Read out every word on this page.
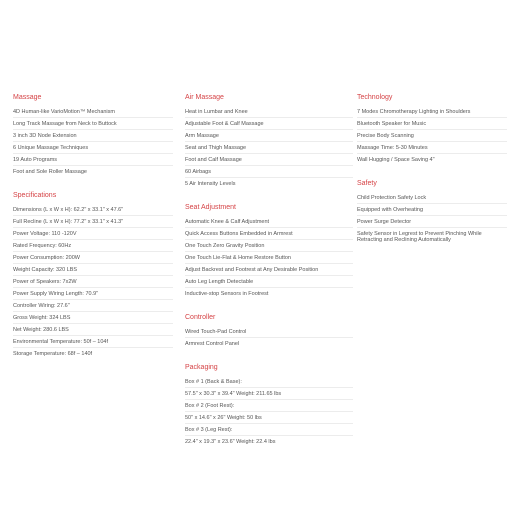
Massage
4D Human-like VarioMotion™ Mechanism
Long Track Massage from Neck to Buttock
3 inch 3D Node Extension
6 Unique Massage Techniques
19 Auto Programs
Foot and Sole Roller Massage
Specifications
Dimensions (L x W x H): 62.2" x 33.1" x 47.6"
Full Recline (L x W x H): 77.2" x 33.1" x 41.3"
Power Voltage: 110 -120V
Rated Frequency: 60Hz
Power Consumption: 200W
Weight Capacity: 320 LBS
Power of Speakers: 7x2W
Power Supply Wiring Length: 70.9"
Controller Wiring: 27.6"
Gross Weight: 324 LBS
Net Weight: 280.6 LBS
Environmental Temperature: 50f – 104f
Storage Temperature: 68f – 140f
Air Massage
Heat in Lumbar and Knee
Adjustable Foot & Calf Massage
Arm Massage
Seat and Thigh Massage
Foot and Calf Massage
60 Airbags
5 Air Intensity Levels
Seat Adjustment
Automatic Knee & Calf Adjustment
Quick Access Buttons Embedded in Armrest
One Touch Zero Gravity Position
One Touch Lie-Flat & Home Restore Button
Adjust Backrest and Footrest at Any Desirable Position
Auto Leg Length Detectable
Inductive-stop Sensors in Footrest
Controller
Wired Touch-Pad Control
Armrest Control Panel
Packaging
Box # 1 (Back & Base):
57.5" x 30.3" x 39.4" Weight: 211.65 lbs
Box # 2 (Foot Rest):
50" x 14.6" x 26" Weight: 50 lbs
Box # 3 (Leg Rest):
22.4" x 19.3" x 23.6" Weight: 22.4 lbs
Technology
7 Modes Chromotherapy Lighting in Shoulders
Bluetooth Speaker for Music
Precise Body Scanning
Massage Time: 5-30 Minutes
Wall Hugging / Space Saving 4"
Safety
Child Protection Safety Lock
Equipped with Overheating
Power Surge Detector
Safety Sensor in Legrest to Prevent Pinching While Retracting and Reclining Automatically
